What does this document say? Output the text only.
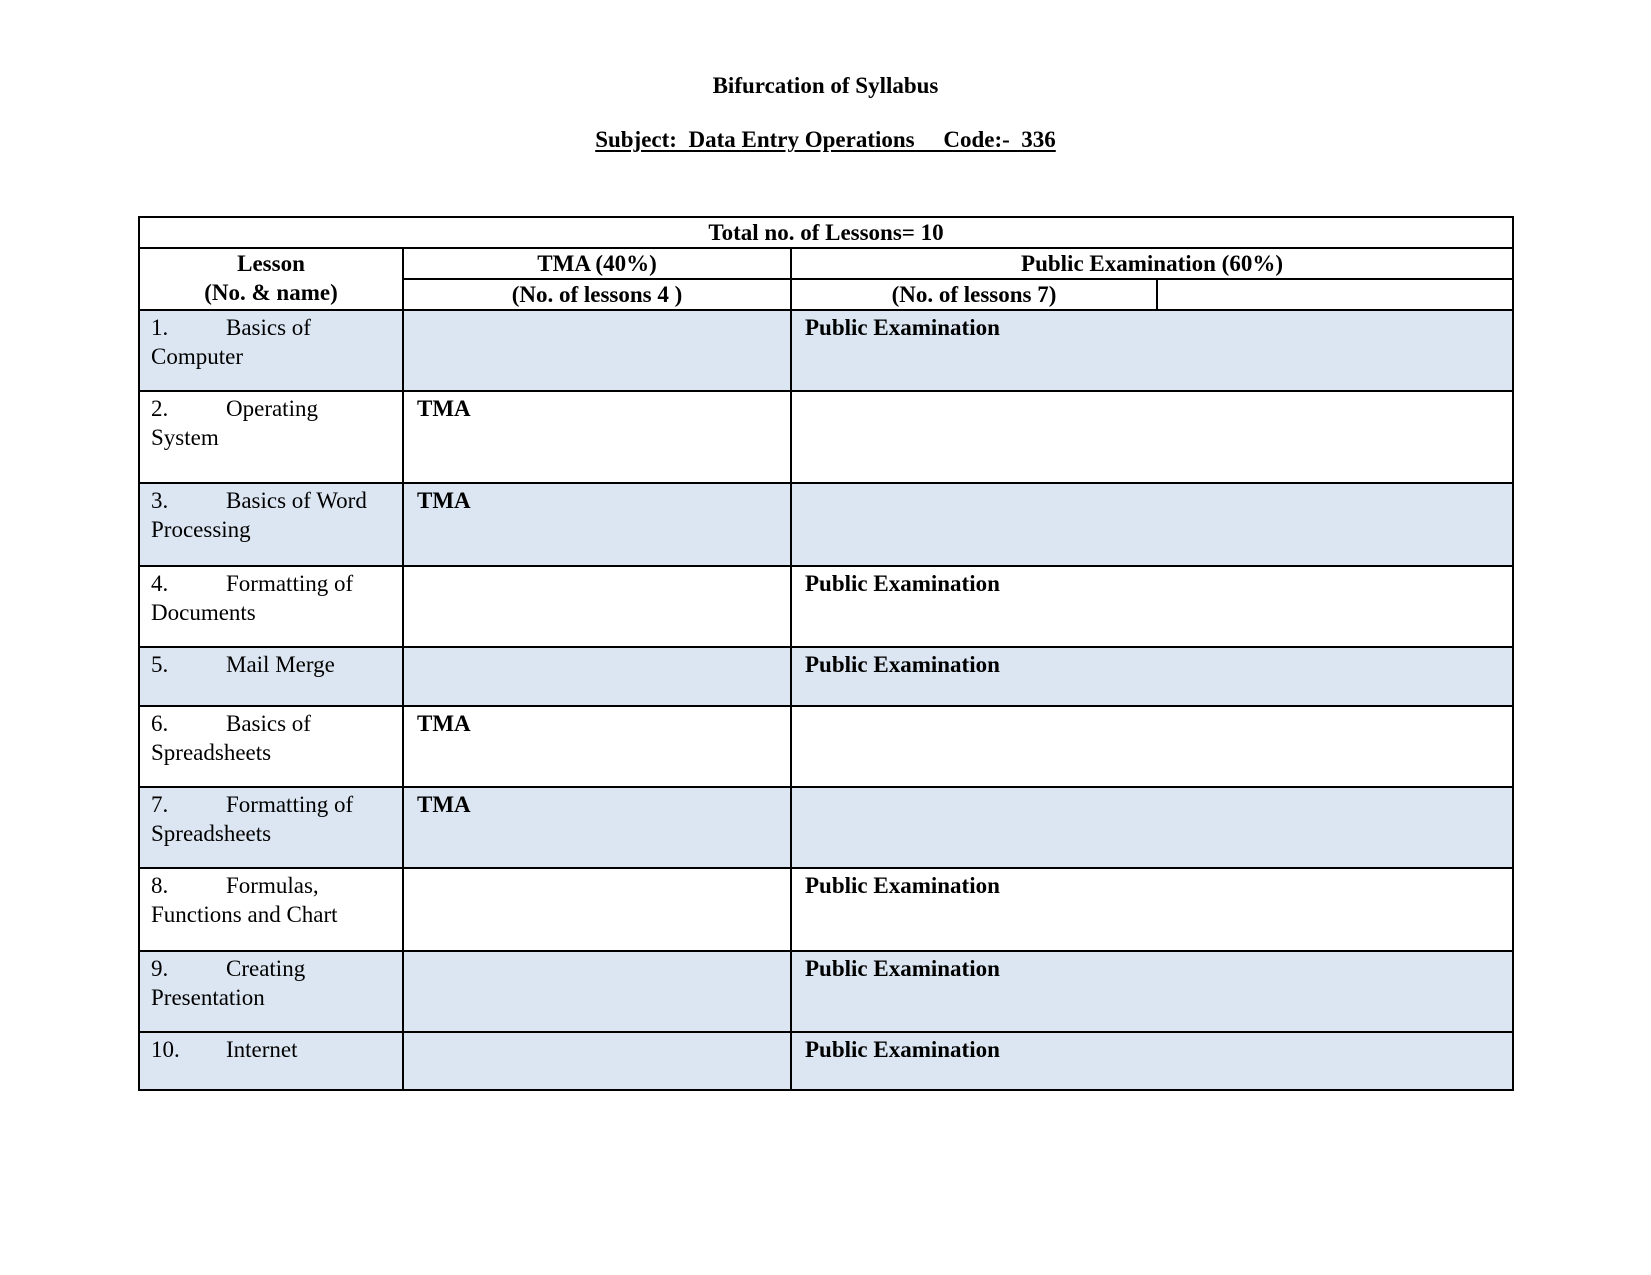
Bifurcation of Syllabus
Subject:  Data Entry Operations     Code:-  336
Total no. of Lessons= 10			

Lesson
(No. & name)	TMA (40%)	Public Examination (60%)	
	(No. of lessons 4 )	(No. of lessons 7)	
1. Basics of
Computer		Public Examination	
2. Operating
System	TMA		
3. Basics of Word
Processing	TMA		
4. Formatting of
Documents		Public Examination	
5. Mail Merge		Public Examination	
6. Basics of
Spreadsheets	TMA		
7. Formatting of
Spreadsheets	TMA		
8. Formulas,
Functions and Chart		Public Examination	
9. Creating
Presentation		Public Examination	
10. Internet		Public Examination	
